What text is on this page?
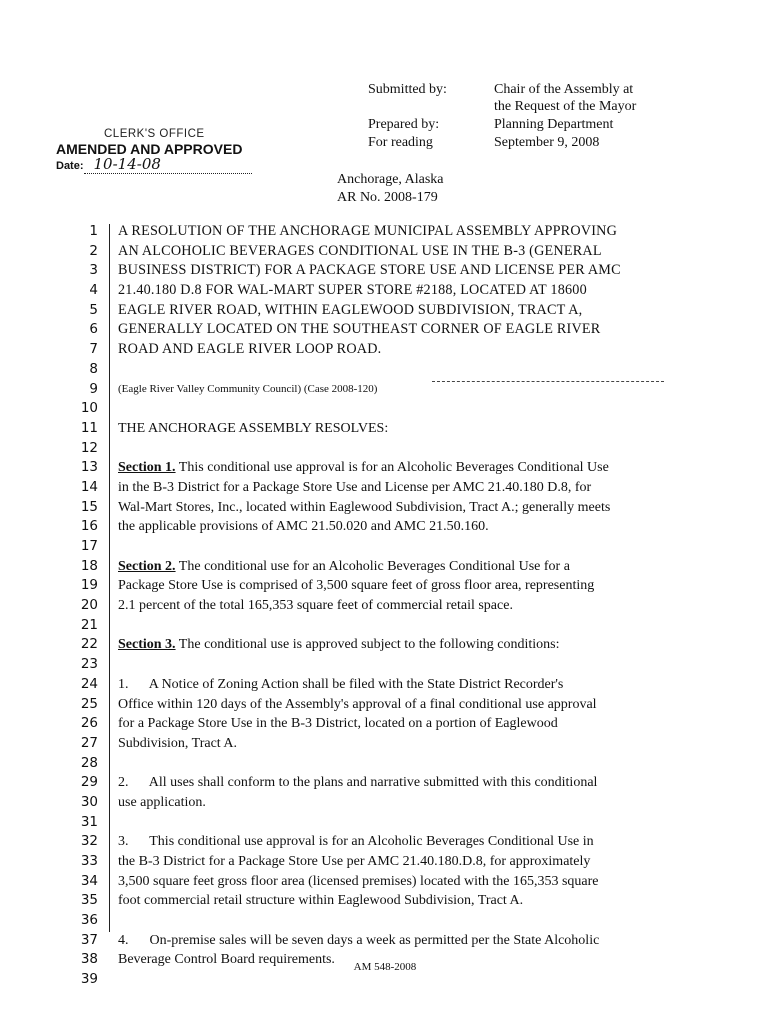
Submitted by:	Chair of the Assembly at
the Request of the Mayor
Prepared by:	Planning Department
For reading	September 9, 2008
Anchorage, Alaska
AR No. 2008-179
CLERK'S OFFICE
AMENDED AND APPROVED
Date: 10-14-08
1
2
3
4
5
6
7
8
9
10
11
12
13
14
15
16
17
18
19
20
21
22
23
24
25
26
27
28
29
30
31
32
33
34
35
36
37
38
39
A RESOLUTION OF THE ANCHORAGE MUNICIPAL ASSEMBLY APPROVING
AN ALCOHOLIC BEVERAGES CONDITIONAL USE IN THE B-3 (GENERAL
BUSINESS DISTRICT) FOR A PACKAGE STORE USE AND LICENSE PER AMC
21.40.180 D.8 FOR WAL-MART SUPER STORE #2188, LOCATED AT 18600
EAGLE RIVER ROAD, WITHIN EAGLEWOOD SUBDIVISION, TRACT A,
GENERALLY LOCATED ON THE SOUTHEAST CORNER OF EAGLE RIVER
ROAD AND EAGLE RIVER LOOP ROAD.
(Eagle River Valley Community Council) (Case 2008-120)
THE ANCHORAGE ASSEMBLY RESOLVES:
Section 1. This conditional use approval is for an Alcoholic Beverages Conditional Use
in the B-3 District for a Package Store Use and License per AMC 21.40.180 D.8, for
Wal-Mart Stores, Inc., located within Eaglewood Subdivision, Tract A.; generally meets
the applicable provisions of AMC 21.50.020 and AMC 21.50.160.
Section 2. The conditional use for an Alcoholic Beverages Conditional Use for a
Package Store Use is comprised of 3,500 square feet of gross floor area, representing
2.1 percent of the total 165,353 square feet of commercial retail space.
Section 3. The conditional use is approved subject to the following conditions:
1.      A Notice of Zoning Action shall be filed with the State District Recorder's
Office within 120 days of the Assembly's approval of a final conditional use approval
for a Package Store Use in the B-3 District, located on a portion of Eaglewood
Subdivision, Tract A.
2.      All uses shall conform to the plans and narrative submitted with this conditional
use application.
3.      This conditional use approval is for an Alcoholic Beverages Conditional Use in
the B-3 District for a Package Store Use per AMC 21.40.180.D.8, for approximately
3,500 square feet gross floor area (licensed premises) located with the 165,353 square
foot commercial retail structure within Eaglewood Subdivision, Tract A.
4.      On-premise sales will be seven days a week as permitted per the State Alcoholic
Beverage Control Board requirements.	AM 548-2008
